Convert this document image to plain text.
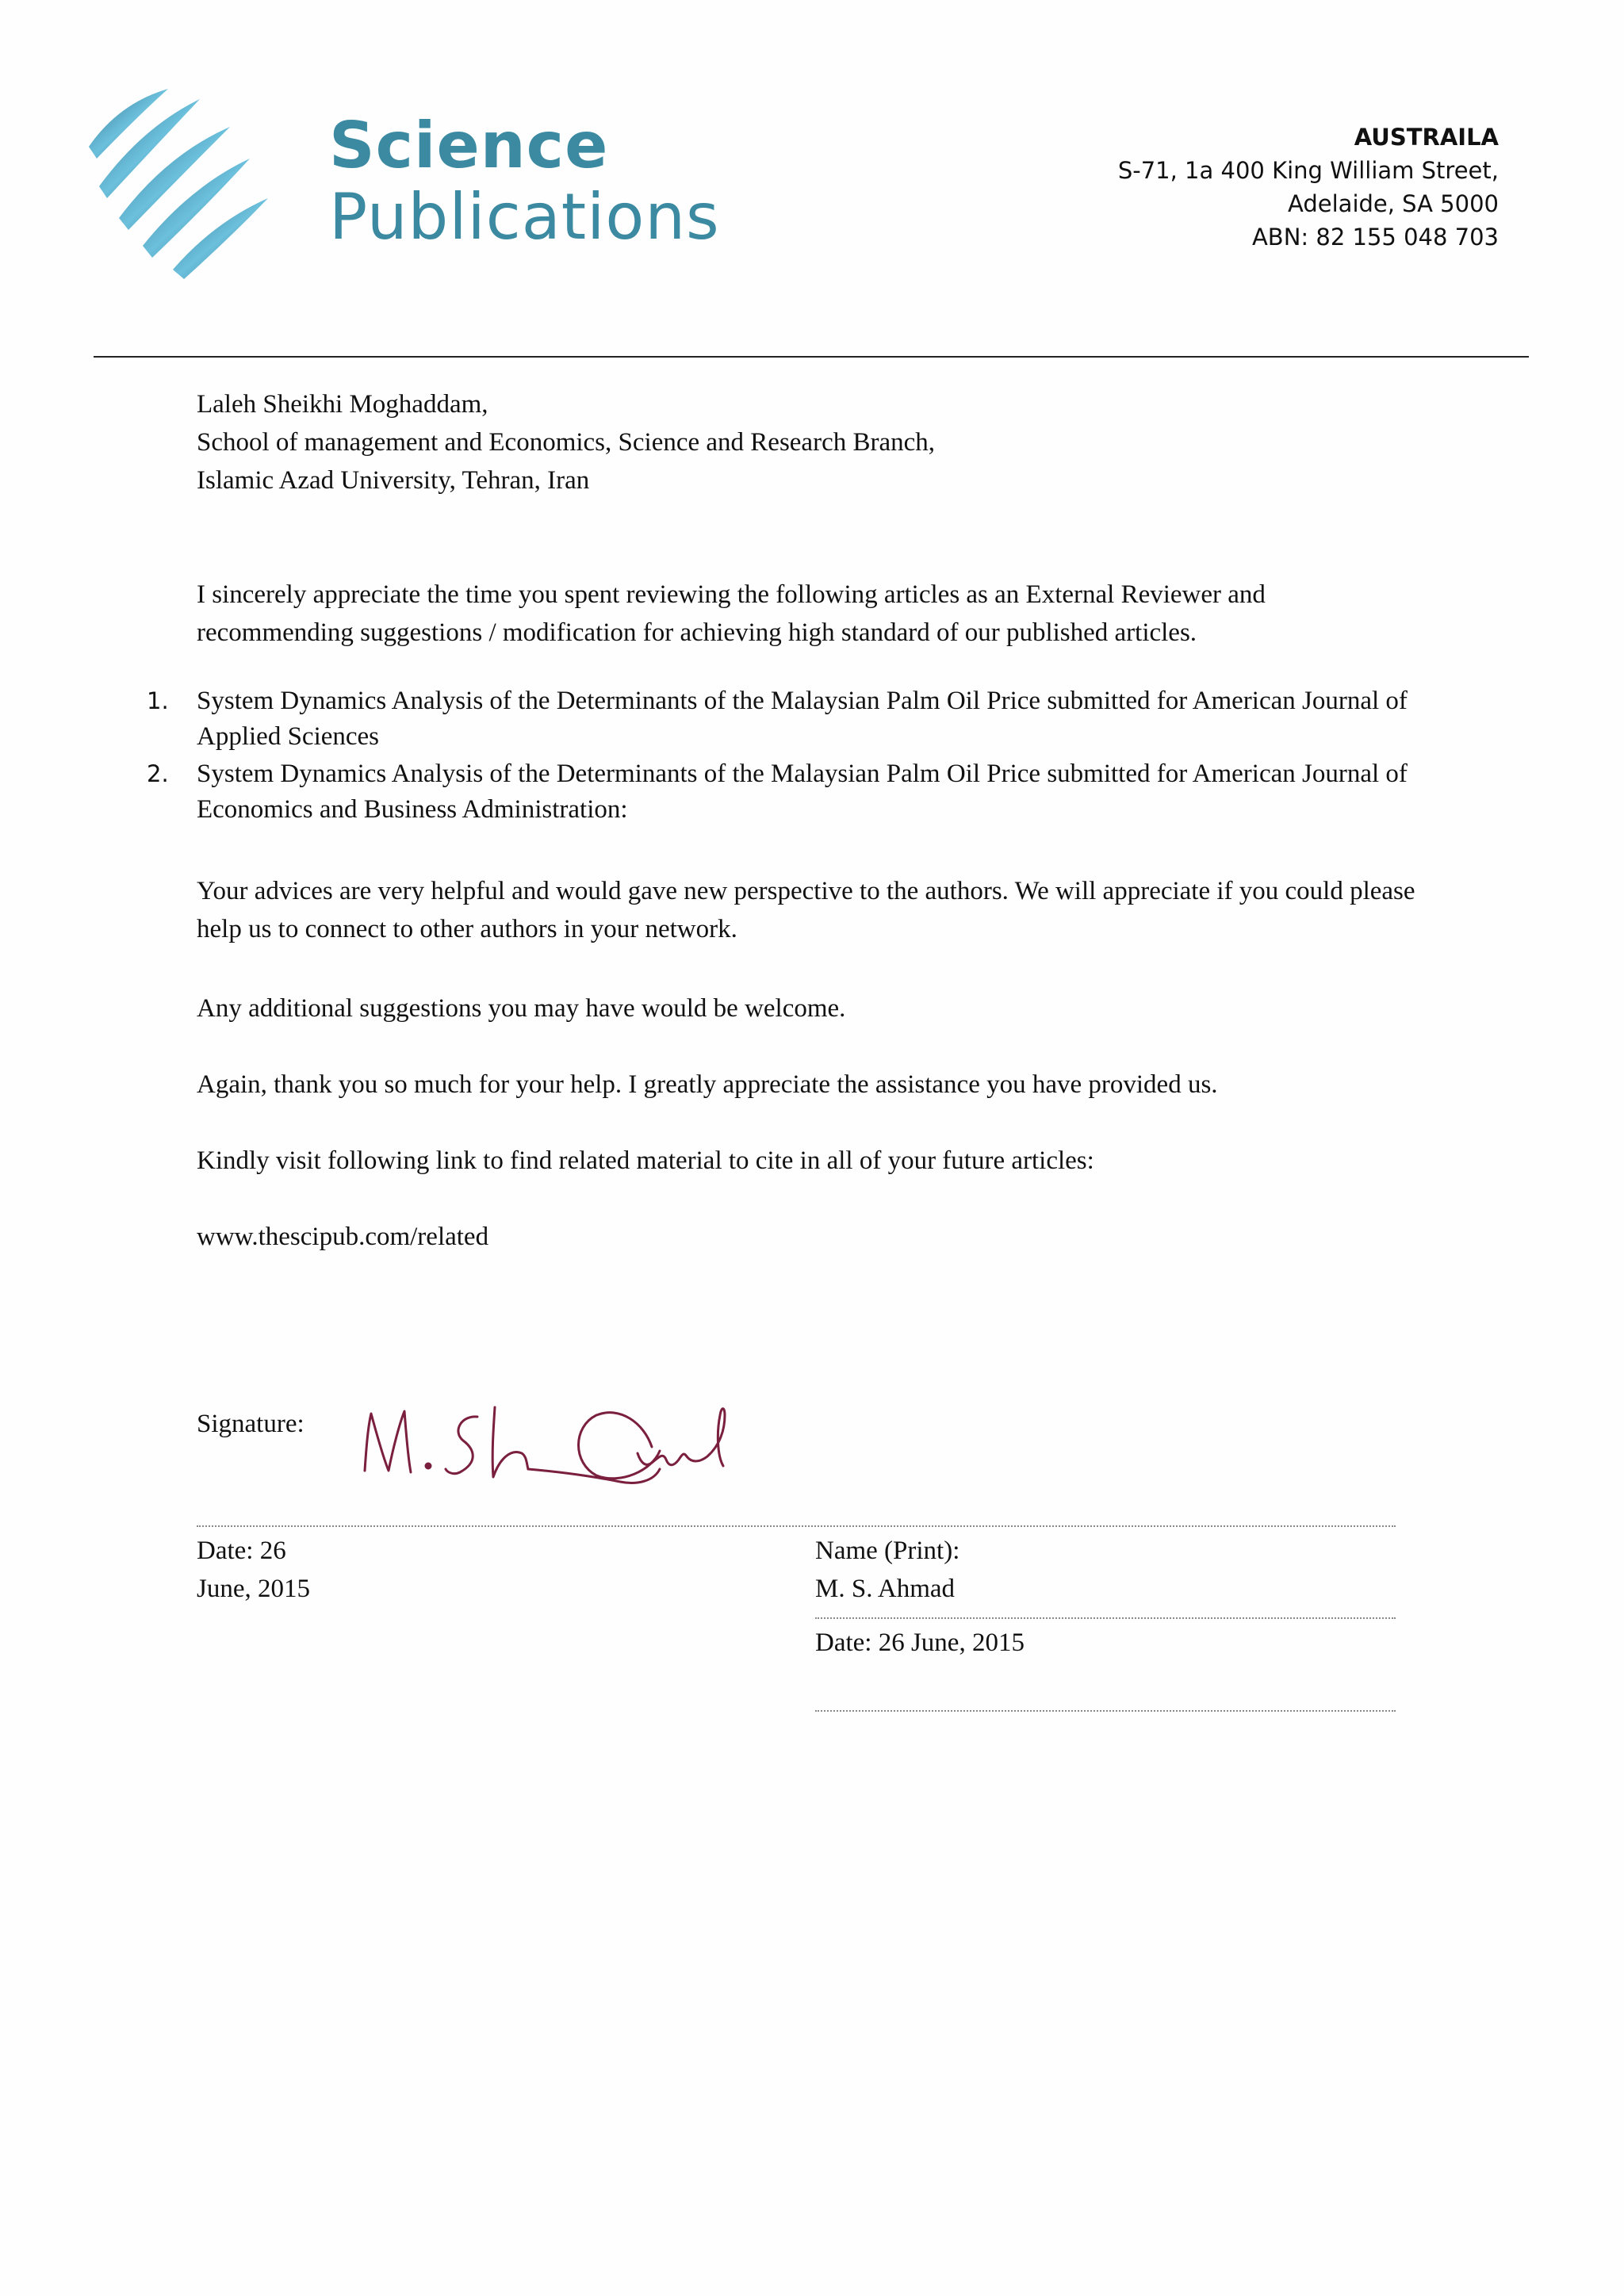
Science
Publications
AUSTRAILA
S-71, 1a 400 King William Street,
Adelaide, SA 5000
ABN: 82 155 048 703
Laleh Sheikhi Moghaddam,
School of management and Economics, Science and Research Branch,
Islamic Azad University, Tehran, Iran
I sincerely appreciate the time you spent reviewing the following articles as an External Reviewer and recommending suggestions / modification for achieving high standard of our published articles.
1. System Dynamics Analysis of the Determinants of the Malaysian Palm Oil Price submitted for American Journal of Applied Sciences
2. System Dynamics Analysis of the Determinants of the Malaysian Palm Oil Price submitted for American Journal of Economics and Business Administration:
Your advices are very helpful and would gave new perspective to the authors. We will appreciate if you could please help us to connect to other authors in your network.
Any additional suggestions you may have would be welcome.
Again, thank you so much for your help. I greatly appreciate the assistance you have provided us.
Kindly visit following link to find related material to cite in all of your future articles:
www.thescipub.com/related
Signature:
Date: 26
June, 2015
Name (Print):
M. S. Ahmad
Date: 26 June, 2015
